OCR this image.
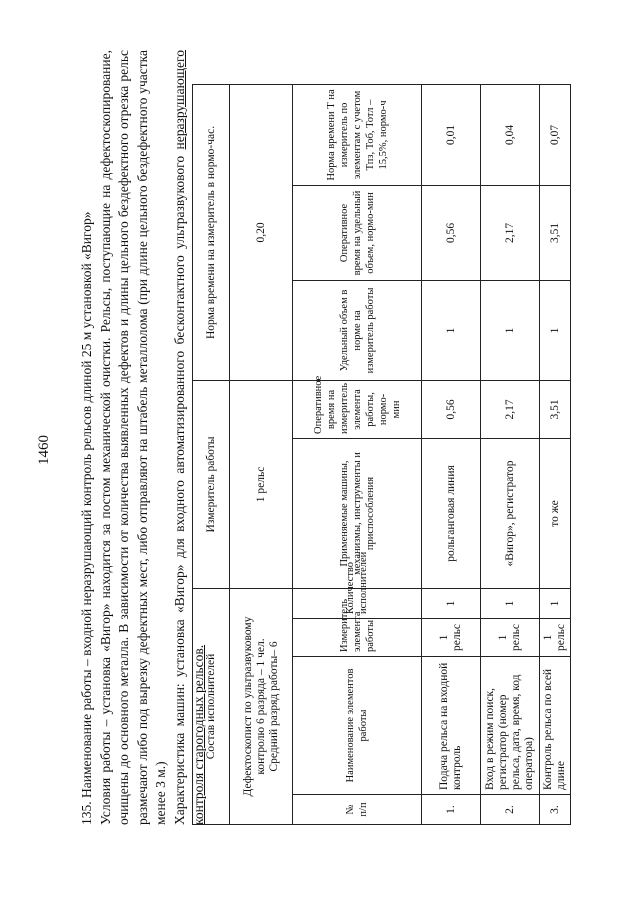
1460 135. Наименование работы – входной неразрушающий контроль рельсов длиной 25 м установкой «Вигор» Условия работы – установка «Вигор» находится за постом механической очистки. Рельсы, поступающие на дефектоскопирование, очищены до основного металла. В зависимости от количества выявленных дефектов и длины цельного бездефектного отрезка рельс размечают либо под вырезку дефектных мест, либо отправляют на штабель металлолома (при длине цельного бездефектного участка менее 3 м.) Характеристика машин: установка «Вигор» для входного автоматизированного бесконтактного ультразвукового неразрушающего контроля старогодных рельсов.

Состав исполнителей				Измеритель работы		Норма времени на измеритель в нормо-час.		

Дефектоскопист по ультразвуковому контролю 6 разряда – 1 чел. Средний разряд работы– 6				1 рельс		0,20		
№ п/п	Наименование элементов работы	Измеритель элемента работы	Количество исполнителей	Применяемые машины, механизмы, инструменты и приспособления	Оперативное время на измеритель элемента работы, нормо-мин	Удельный объем в норме на измеритель работы	Оперативное время на удельный объем, нормо-мин	Норма времени Т на измеритель по элементам с учетом Тпз, Тоб, Тотл – 15,5%, нормо-ч
1.	Подача рельса на входной контроль	1 рельс	1	рольганговая линия	0,56	1	0,56	0,01
2.	Вход в режим поиск, регистратор (номер рельса, дата, время, код оператора)	1 рельс	1	«Вигор», регистратор	2,17	1	2,17	0,04
3.	Контроль рельса по всей длине	1 рельс	1	то же	3,51	1	3,51	0,07
